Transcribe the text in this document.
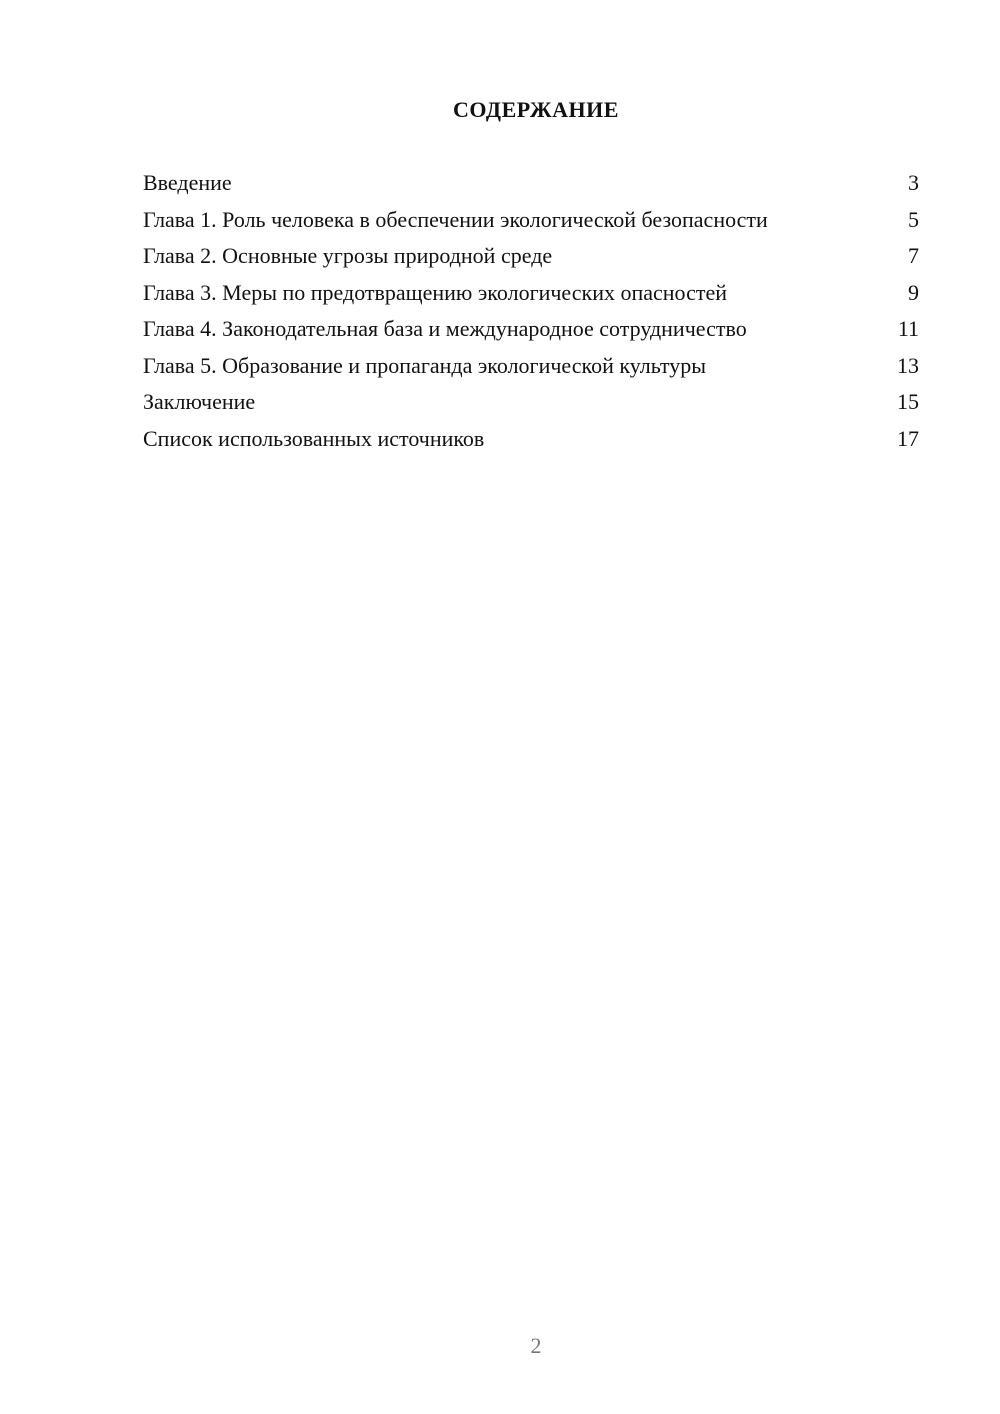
СОДЕРЖАНИЕ
Введение	3
Глава 1. Роль человека в обеспечении экологической безопасности	5
Глава 2. Основные угрозы природной среде	7
Глава 3. Меры по предотвращению экологических опасностей	9
Глава 4. Законодательная база и международное сотрудничество	11
Глава 5. Образование и пропаганда экологической культуры	13
Заключение	15
Список использованных источников	17
2
